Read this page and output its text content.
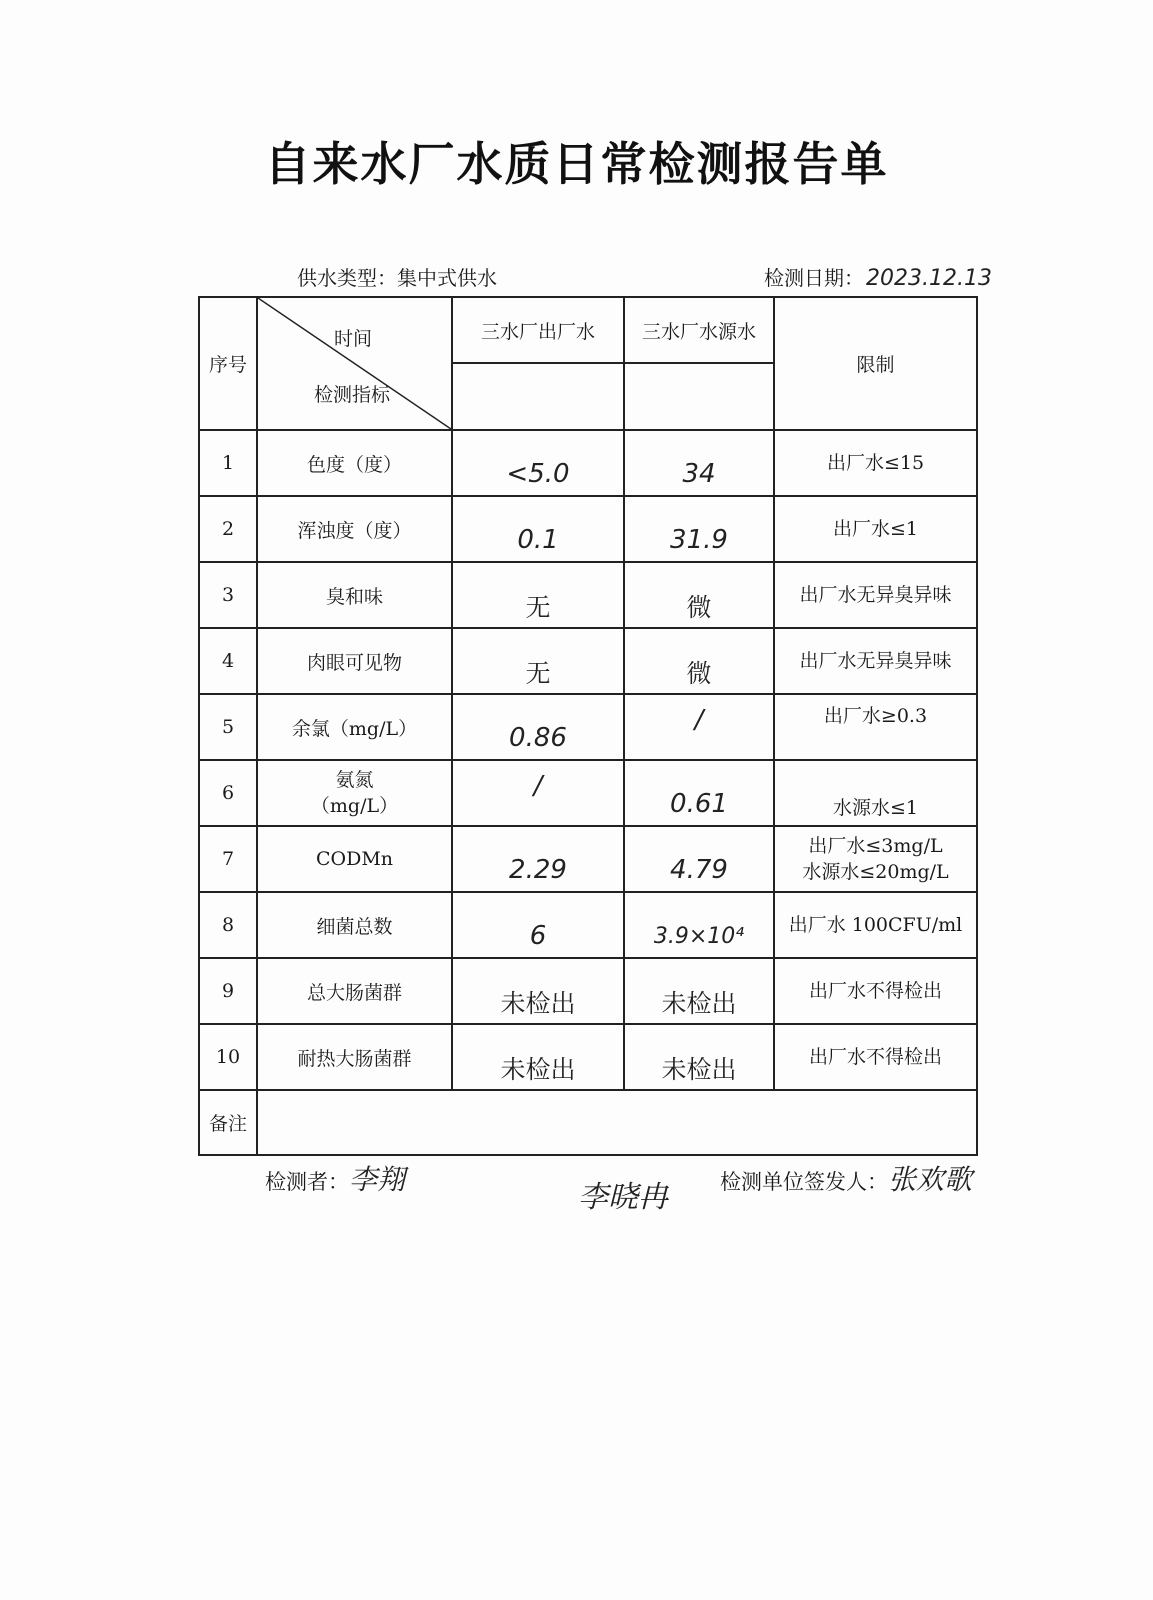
自来水厂水质日常检测报告单
供水类型：集中式供水	检测日期：2023.12.13
序号	时间
检测指标	三水厂出厂水	三水厂水源水	限制

1	色度（度）	<5.0	34	出厂水≤15
2	浑浊度（度）	0.1	31.9	出厂水≤1
3	臭和味	无	微	出厂水无异臭异味
4	肉眼可见物	无	微	出厂水无异臭异味
5	余氯（mg/L）	0.86	/	出厂水≥0.3

6	氨氮
（mg/L）	/	0.61	水源水≤1

7	CODMn	2.29	4.79	出厂水≤3mg/L
水源水≤20mg/L

8	细菌总数	6	3.9×10⁴	出厂水 100CFU/ml
9	总大肠菌群	未检出	未检出	出厂水不得检出
10	耐热大肠菌群	未检出	未检出	出厂水不得检出
备注				
检测者：李翔
李晓冉 检测单位签发人：张欢歌
